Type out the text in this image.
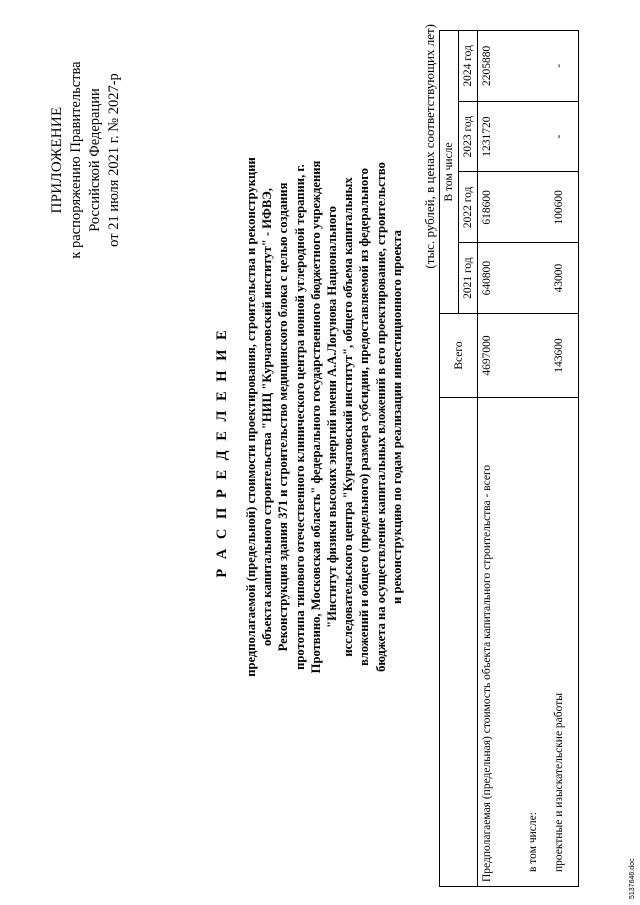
ПРИЛОЖЕНИЕ к распоряжению Правительства Российской Федерации от 21 июля 2021 г. № 2027-р
Р А С П Р Е Д Е Л Е Н И Е предполагаемой (предельной) стоимости проектирования, строительства и реконструкции объекта капитального строительства "НИЦ "Курчатовский институт" - ИФВЭ, Реконструкция здания 371 и строительство медицинского блока с целью создания прототипа типового отечественного клинического центра ионной углеродной терапии, г. Протвино, Московская область" федерального государственного бюджетного учреждения "Институт физики высоких энергий имени А.А.Логунова Национального исследовательского центра "Курчатовский институт", общего объема капитальных вложений и общего (предельного) размера субсидии, предоставляемой из федерального бюджета на осуществление капитальных вложений в его проектирование, строительство и реконструкцию по годам реализации инвестиционного проекта
(тыс. рублей, в ценах соответствующих лет)
	Всего	В том числе			
		2021 год	2022 год	2023 год	2024 год
Предполагаемая (предельная) стоимость объекта капитального строительства - всего	4697000	640800	618600	1231720	2205880
в том числе:					
проектные и изыскательские работы	143600	43000	100600	-	-
5137646.doc
